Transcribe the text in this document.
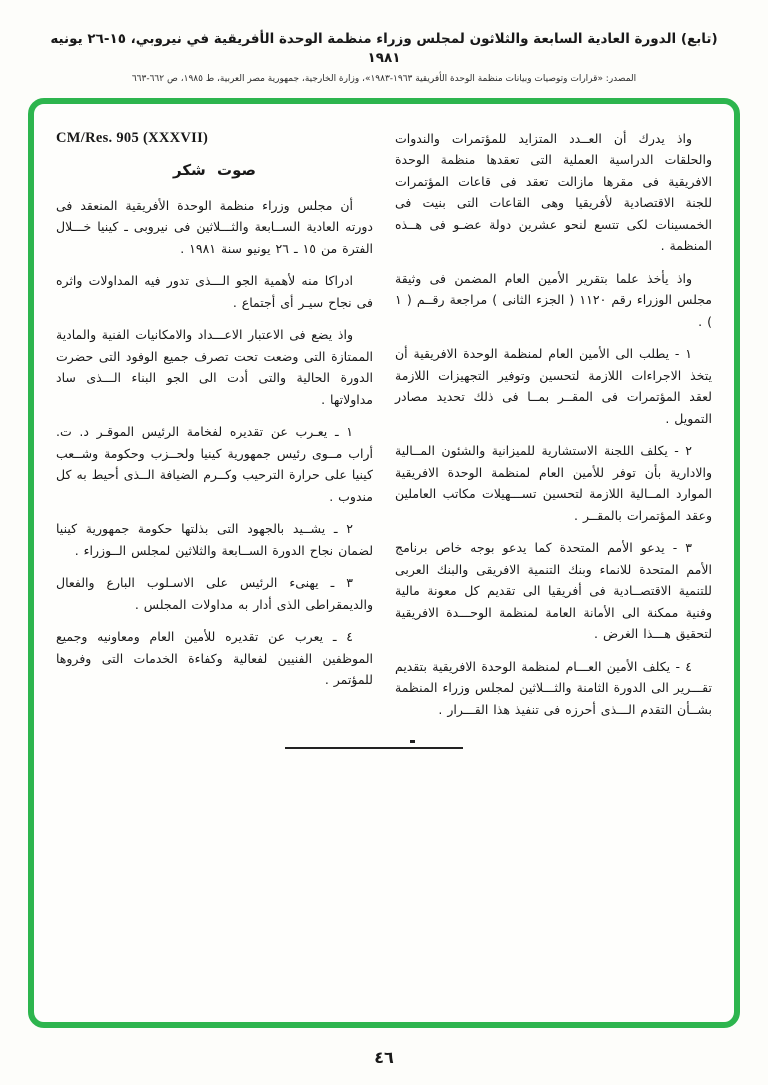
(تابع) الدورة العادية السابعة والثلاثون لمجلس وزراء منظمة الوحدة الأفريقية في نيروبي، ١٥-٢٦ يونيه ١٩٨١
المصدر: «قرارات وتوصيات وبيانات منظمة الوحدة الأفريقية ١٩٦٣-١٩٨٣»، وزارة الخارجية، جمهورية مصر العربية، ط ١٩٨٥، ص ٦٦٢-٦٦٣

واذ يدرك أن العــدد المتزايد للمؤتمرات والندوات والحلقات الدراسية العملية التى تعقدها منظمة الوحدة الافريقية فى مقرها مازالت تعقد فى قاعات المؤتمرات للجنة الاقتصادية لأفريقيا وهى القاعات التى بنيت فى الخمسينات لكى تتسع لنحو عشرين دولة عضـو فى هــذه المنظمة .

واذ يأخذ علما بتقرير الأمين العام المضمن فى وثيقة مجلس الوزراء رقم ١١٢٠ ( الجزء الثانى ) مراجعة رقــم ( ١ ) .

١ - يطلب الى الأمين العام لمنظمة الوحدة الافريقية أن يتخذ الاجراءات اللازمة لتحسين وتوفير التجهيزات اللازمة لعقد المؤتمرات فى المقــر بمــا فى ذلك تحديد مصادر التمويل .

٢ - يكلف اللجنة الاستشارية للميزانية والشئون المــالية والادارية بأن توفر للأمين العام لمنظمة الوحدة الافريقية الموارد المــالية اللازمة لتحسين تســـهيلات مكاتب العاملين وعقد المؤتمرات بالمقــر .

٣ - يدعو الأمم المتحدة كما يدعو بوجه خاص برنامج الأمم المتحدة للانماء وبنك التنمية الافريقى والبنك العربى للتنمية الاقتصــادية فى أفريقيا الى تقديم كل معونة مالية وفنية ممكنة الى الأمانة العامة لمنظمة الوحـــدة الافريقية لتحقيق هـــذا الغرض .

٤ - يكلف الأمين العـــام لمنظمة الوحدة الافريقية بتقديم تقـــرير الى الدورة الثامنة والثـــلاثين لمجلس وزراء المنظمة بشــأن التقدم الـــذى أحرزه فى تنفيذ هذا القـــرار .

CM/Res. 905 (XXXVII)
صوت شكر

أن مجلس وزراء منظمة الوحدة الأفريقية المنعقد فى دورته العادية الســابعة والثـــلاثين فى نيروبى ـ كينيا خـــلال الفترة من ١٥ ـ ٢٦ يونيو سنة ١٩٨١ .

ادراكا منه لأهمية الجو الـــذى تدور فيه المداولات واثره فى نجاح سيـر أى أجتماع .

واذ يضع فى الاعتبار الاعـــداد والامكانيات الفنية والمادية الممتازة التى وضعت تحت تصرف جميع الوفود التى حضرت الدورة الحالية والتى أدت الى الجو البناء الـــذى ساد مداولاتها .

١ ـ يعـرب عن تقديره لفخامة الرئيس الموقـر د. ت. أراب مــوى رئيس جمهورية كينيا ولحــزب وحكومة وشــعب كينيا على حرارة الترحيب وكــرم الضيافة الــذى أحيط به كل مندوب .

٢ ـ يشــيد بالجهود التى بذلتها حكومة جمهورية كينيا لضمان نجاح الدورة الســابعة والثلاثين لمجلس الــوزراء .

٣ ـ يهنىء الرئيس على الاسـلوب البارع والفعال والديمقراطى الذى أدار به مداولات المجلس .

٤ ـ يعرب عن تقديره للأمين العام ومعاونيه وجميع الموظفين الفنيين لفعالية وكفاءة الخدمات التى وفروها للمؤتمر .

٤٦
